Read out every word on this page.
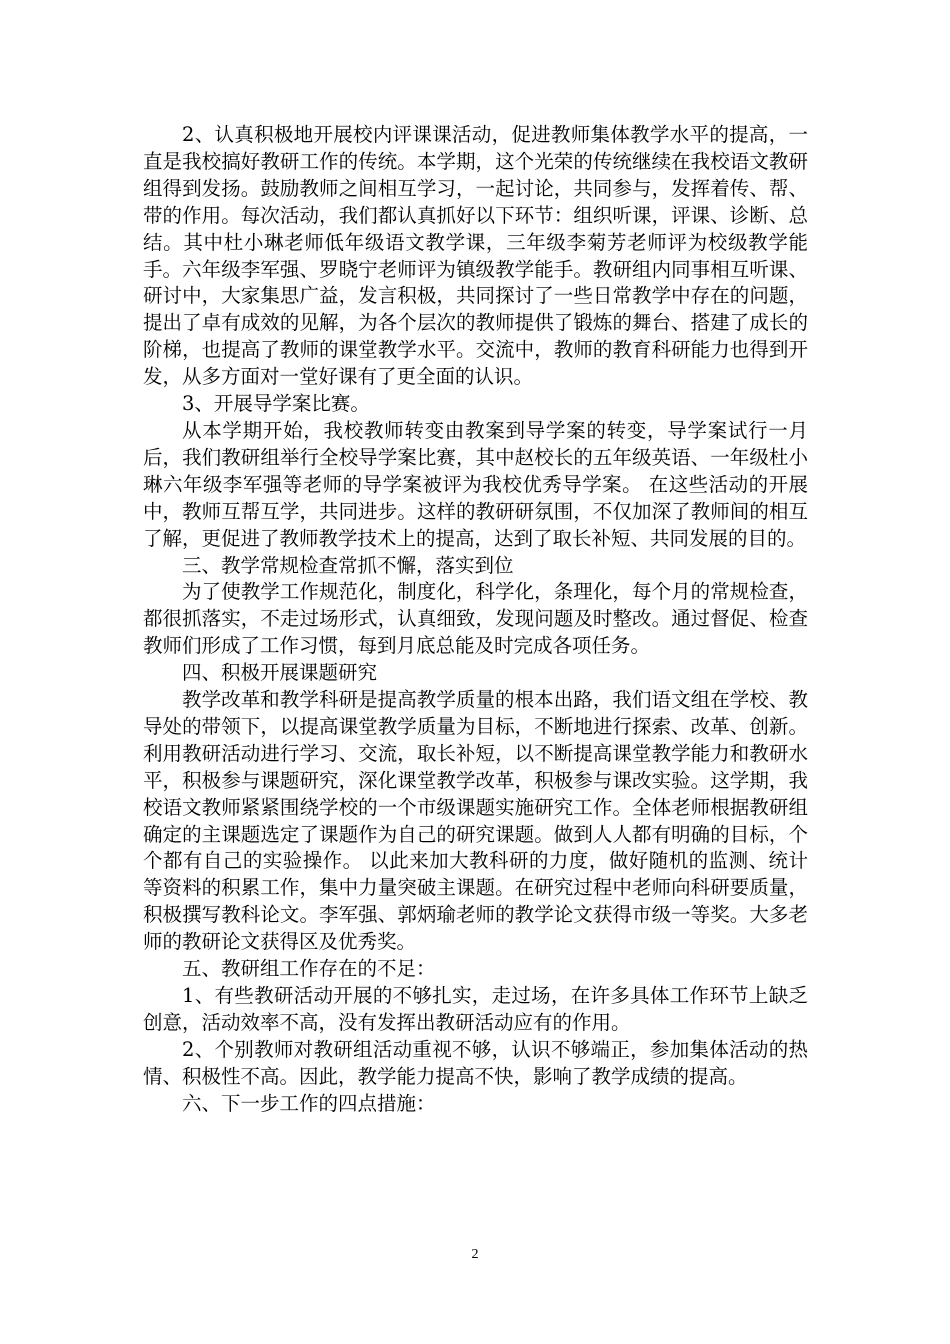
2、认真积极地开展校内评课课活动，促进教师集体教学水平的提高，一直是我校搞好教研工作的传统。本学期，这个光荣的传统继续在我校语文教研组得到发扬。鼓励教师之间相互学习，一起讨论，共同参与，发挥着传、帮、带的作用。每次活动，我们都认真抓好以下环节：组织听课，评课、诊断、总结。其中杜小琳老师低年级语文教学课，三年级李菊芳老师评为校级教学能手。六年级李军强、罗晓宁老师评为镇级教学能手。教研组内同事相互听课、研讨中，大家集思广益，发言积极，共同探讨了一些日常教学中存在的问题，提出了卓有成效的见解，为各个层次的教师提供了锻炼的舞台、搭建了成长的阶梯，也提高了教师的课堂教学水平。交流中，教师的教育科研能力也得到开发，从多方面对一堂好课有了更全面的认识。

3、开展导学案比赛。

从本学期开始，我校教师转变由教案到导学案的转变，导学案试行一月后，我们教研组举行全校导学案比赛，其中赵校长的五年级英语、一年级杜小琳六年级李军强等老师的导学案被评为我校优秀导学案。 在这些活动的开展中，教师互帮互学，共同进步。这样的教研研氛围，不仅加深了教师间的相互了解，更促进了教师教学技术上的提高，达到了取长补短、共同发展的目的。

三、教学常规检查常抓不懈，落实到位

为了使教学工作规范化，制度化，科学化，条理化，每个月的常规检查，都很抓落实，不走过场形式，认真细致，发现问题及时整改。通过督促、检查教师们形成了工作习惯，每到月底总能及时完成各项任务。

四、积极开展课题研究

教学改革和教学科研是提高教学质量的根本出路，我们语文组在学校、教导处的带领下，以提高课堂教学质量为目标，不断地进行探索、改革、创新。利用教研活动进行学习、交流，取长补短，以不断提高课堂教学能力和教研水平，积极参与课题研究，深化课堂教学改革，积极参与课改实验。这学期，我校语文教师紧紧围绕学校的一个市级课题实施研究工作。全体老师根据教研组确定的主课题选定了课题作为自己的研究课题。做到人人都有明确的目标，个个都有自己的实验操作。 以此来加大教科研的力度，做好随机的监测、统计等资料的积累工作，集中力量突破主课题。在研究过程中老师向科研要质量，积极撰写教科论文。李军强、郭炳瑜老师的教学论文获得市级一等奖。大多老师的教研论文获得区及优秀奖。

五、教研组工作存在的不足：

1、有些教研活动开展的不够扎实，走过场，在许多具体工作环节上缺乏创意，活动效率不高，没有发挥出教研活动应有的作用。

2、个别教师对教研组活动重视不够，认识不够端正，参加集体活动的热情、积极性不高。因此，教学能力提高不快，影响了教学成绩的提高。

六、下一步工作的四点措施：

2
